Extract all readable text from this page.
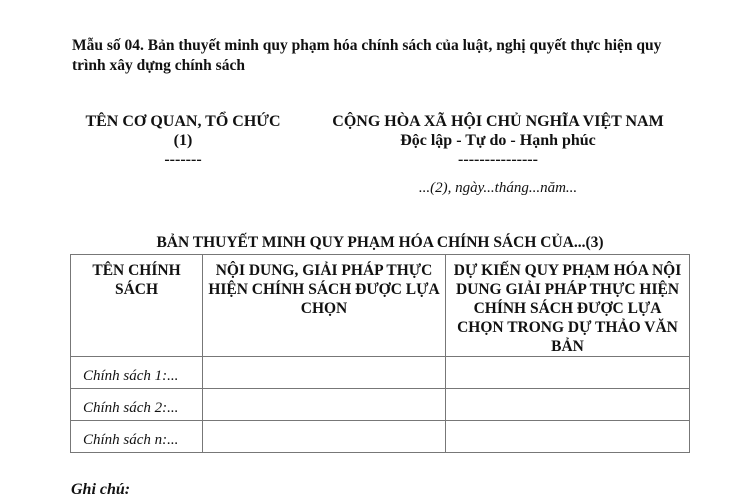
Mẫu số 04. Bản thuyết minh quy phạm hóa chính sách của luật, nghị quyết thực hiện quy trình xây dựng chính sách
TÊN CƠ QUAN, TỔ CHỨC
(1)
-------
CỘNG HÒA XÃ HỘI CHỦ NGHĨA VIỆT NAM
Độc lập - Tự do - Hạnh phúc
---------------
...(2), ngày...tháng...năm...
BẢN THUYẾT MINH QUY PHẠM HÓA CHÍNH SÁCH CỦA...(3)
TÊN CHÍNH SÁCH	NỘI DUNG, GIẢI PHÁP THỰC HIỆN CHÍNH SÁCH ĐƯỢC LỰA CHỌN	DỰ KIẾN QUY PHẠM HÓA NỘI DUNG GIẢI PHÁP THỰC HIỆN CHÍNH SÁCH ĐƯỢC LỰA CHỌN TRONG DỰ THẢO VĂN BẢN
Chính sách 1:...		
Chính sách 2:...		
Chính sách n:...		
Ghi chú:
